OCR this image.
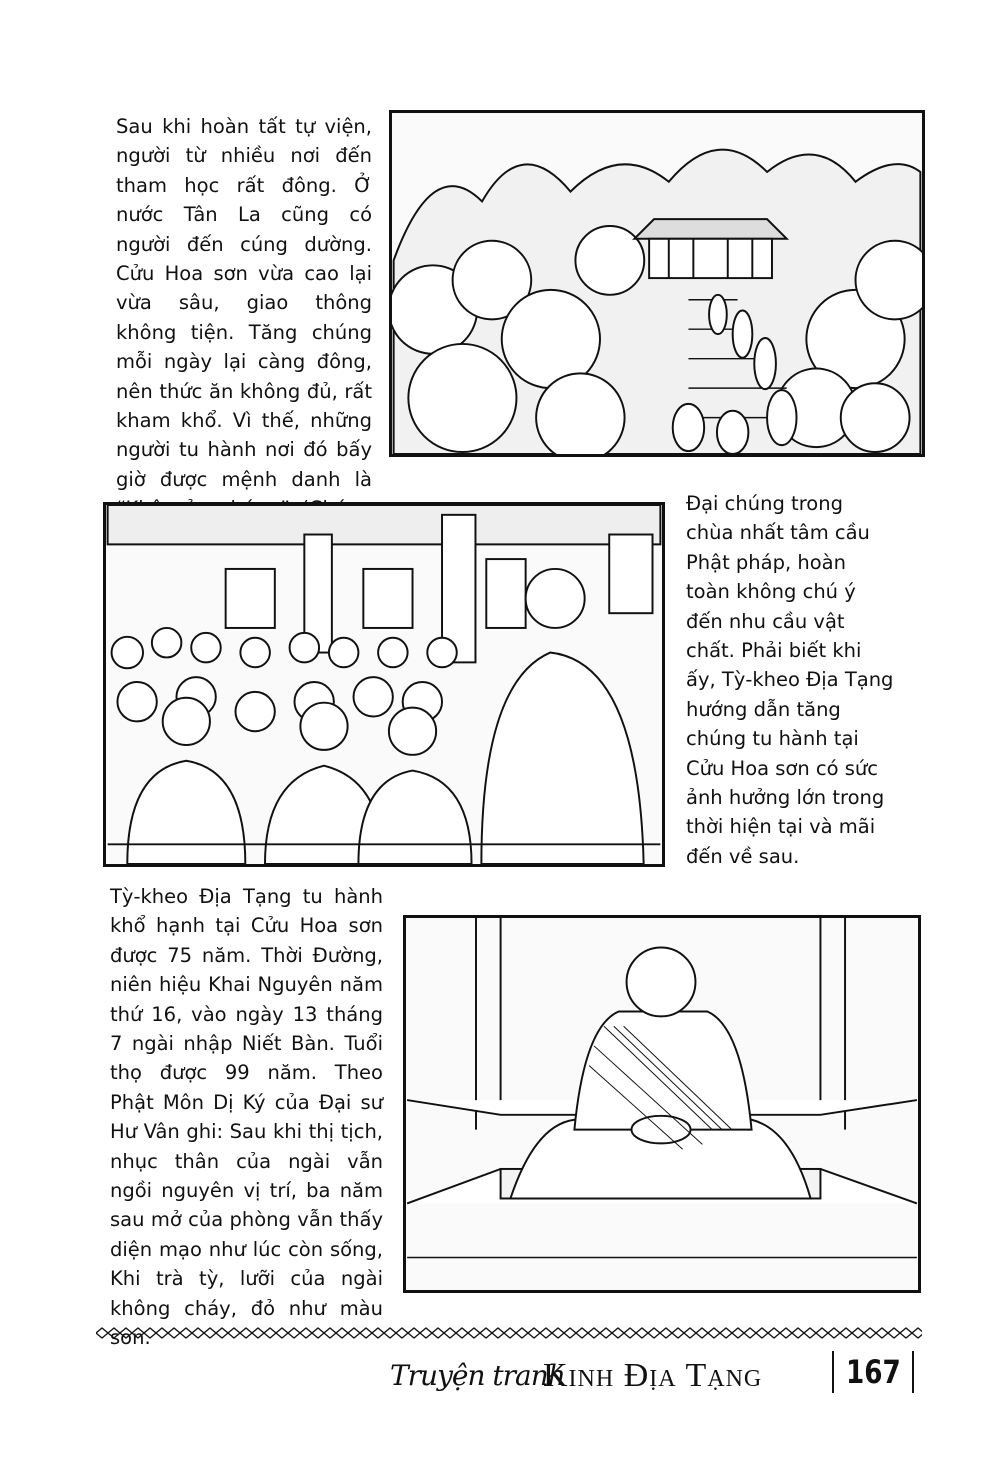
Sau khi hoàn tất tự viện, người từ nhiều nơi đến tham học rất đông. Ở nước Tân La cũng có người đến cúng dường. Cửu Hoa sơn vừa cao lại vừa sâu, giao thông không tiện. Tăng chúng mỗi ngày lại càng đông, nên thức ăn không đủ, rất kham khổ. Vì thế, những người tu hành nơi đó bấy giờ được mệnh danh là

Đại chúng trong chùa nhất tâm cầu Phật pháp, hoàn toàn không chú ý đến nhu cầu vật chất. Phải biết khi ấy, Tỳ-kheo Địa Tạng hướng dẫn tăng chúng tu hành tại Cửu Hoa sơn có sức ảnh hưởng lớn trong thời hiện tại và mãi đến về sau.

Tỳ-kheo Địa Tạng tu hành khổ hạnh tại Cửu Hoa sơn được 75 năm. Thời Đường, niên hiệu Khai Nguyên năm thứ 16, vào ngày 13 tháng 7 ngài nhập Niết Bàn. Tuổi thọ được 99 năm. Theo Phật Môn Dị Ký của Đại sư Hư Vân ghi: Sau khi thị tịch, nhục thân của ngài vẫn ngồi nguyên vị trí, ba năm sau mở của phòng vẫn thấy diện mạo như lúc còn sống, Khi trà tỳ, lưỡi của ngài không cháy, đỏ như màu

Truyện tranh
Kinh Địa Tạng	167
